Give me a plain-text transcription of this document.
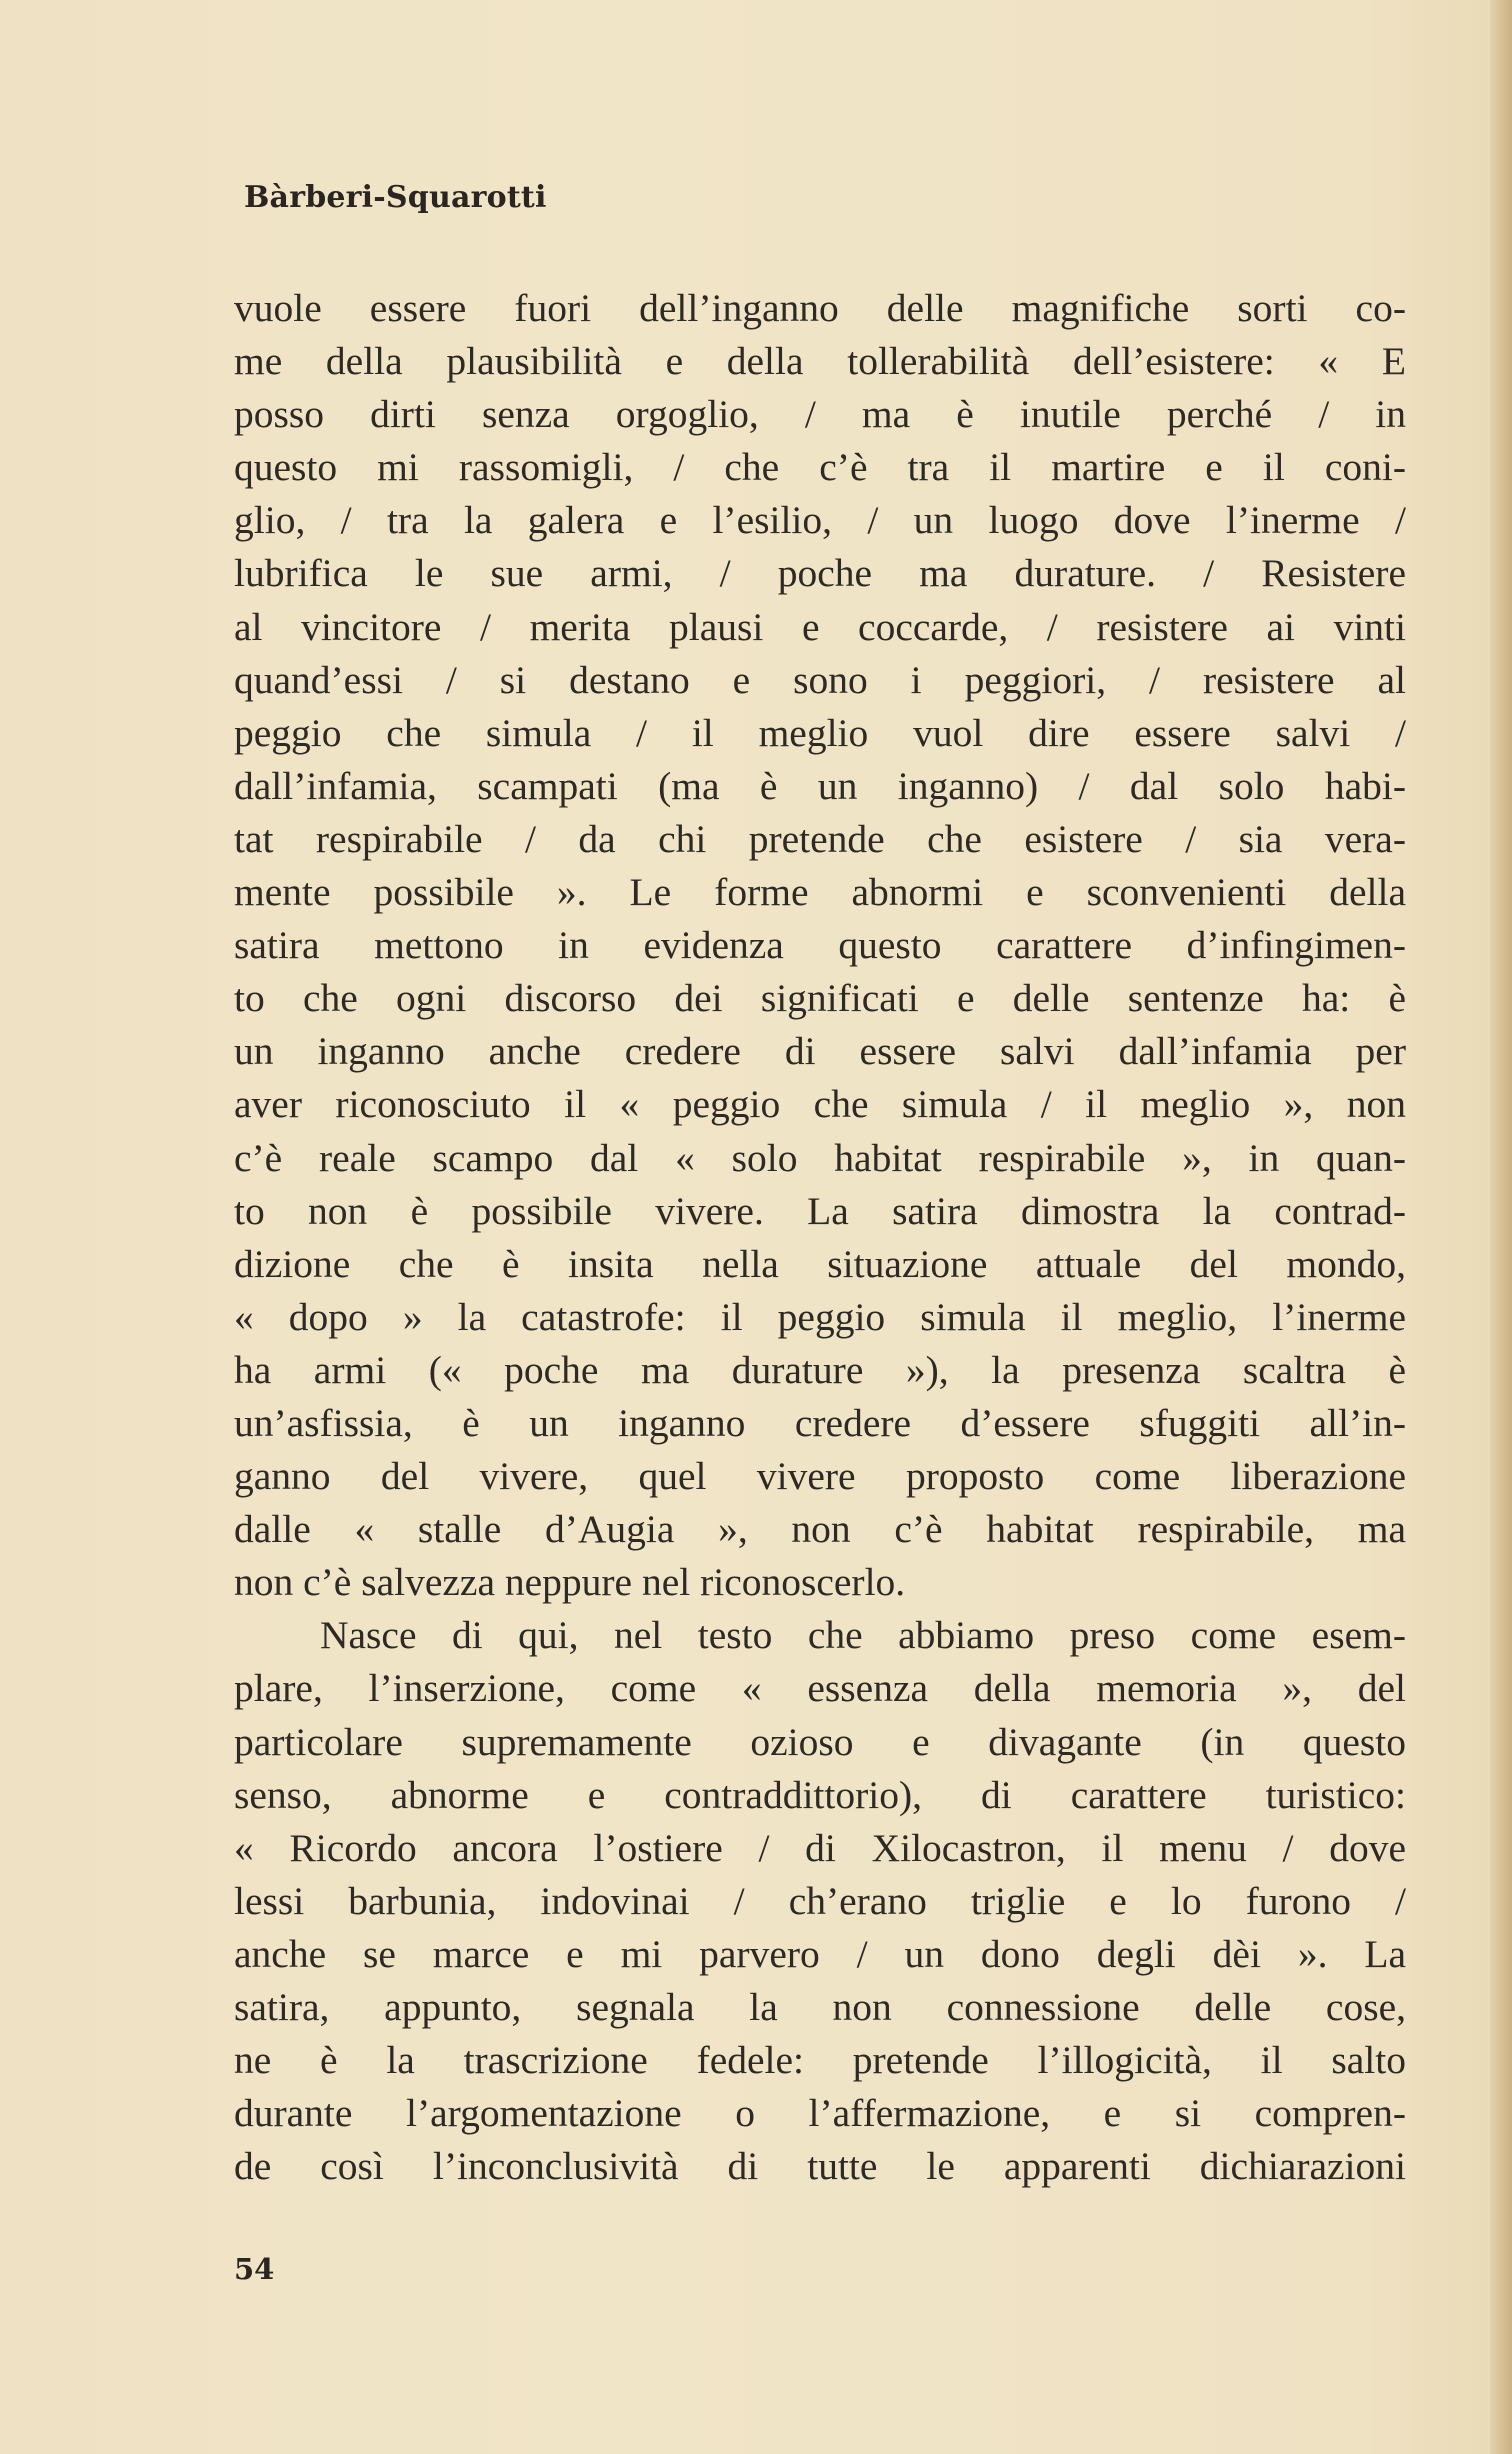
Bàrberi-Squarotti
vuole essere fuori dell’inganno delle magnifiche sorti co-
me della plausibilità e della tollerabilità dell’esistere: « E
posso dirti senza orgoglio, / ma è inutile perché / in
questo mi rassomigli, / che c’è tra il martire e il coni-
glio, / tra la galera e l’esilio, / un luogo dove l’inerme /
lubrifica le sue armi, / poche ma durature. / Resistere
al vincitore / merita plausi e coccarde, / resistere ai vinti
quand’essi / si destano e sono i peggiori, / resistere al
peggio che simula / il meglio vuol dire essere salvi /
dall’infamia, scampati (ma è un inganno) / dal solo habi-
tat respirabile / da chi pretende che esistere / sia vera-
mente possibile ». Le forme abnormi e sconvenienti della
satira mettono in evidenza questo carattere d’infingimen-
to che ogni discorso dei significati e delle sentenze ha: è
un inganno anche credere di essere salvi dall’infamia per
aver riconosciuto il « peggio che simula / il meglio », non
c’è reale scampo dal « solo habitat respirabile », in quan-
to non è possibile vivere. La satira dimostra la contrad-
dizione che è insita nella situazione attuale del mondo,
« dopo » la catastrofe: il peggio simula il meglio, l’inerme
ha armi (« poche ma durature »), la presenza scaltra è
un’asfissia, è un inganno credere d’essere sfuggiti all’in-
ganno del vivere, quel vivere proposto come liberazione
dalle « stalle d’Augia », non c’è habitat respirabile, ma
non c’è salvezza neppure nel riconoscerlo.
Nasce di qui, nel testo che abbiamo preso come esem-
plare, l’inserzione, come « essenza della memoria », del
particolare supremamente ozioso e divagante (in questo
senso, abnorme e contraddittorio), di carattere turistico:
« Ricordo ancora l’ostiere / di Xilocastron, il menu / dove
lessi barbunia, indovinai / ch’erano triglie e lo furono /
anche se marce e mi parvero / un dono degli dèi ». La
satira, appunto, segnala la non connessione delle cose,
ne è la trascrizione fedele: pretende l’illogicità, il salto
durante l’argomentazione o l’affermazione, e si compren-
de così l’inconclusività di tutte le apparenti dichiarazioni
54
